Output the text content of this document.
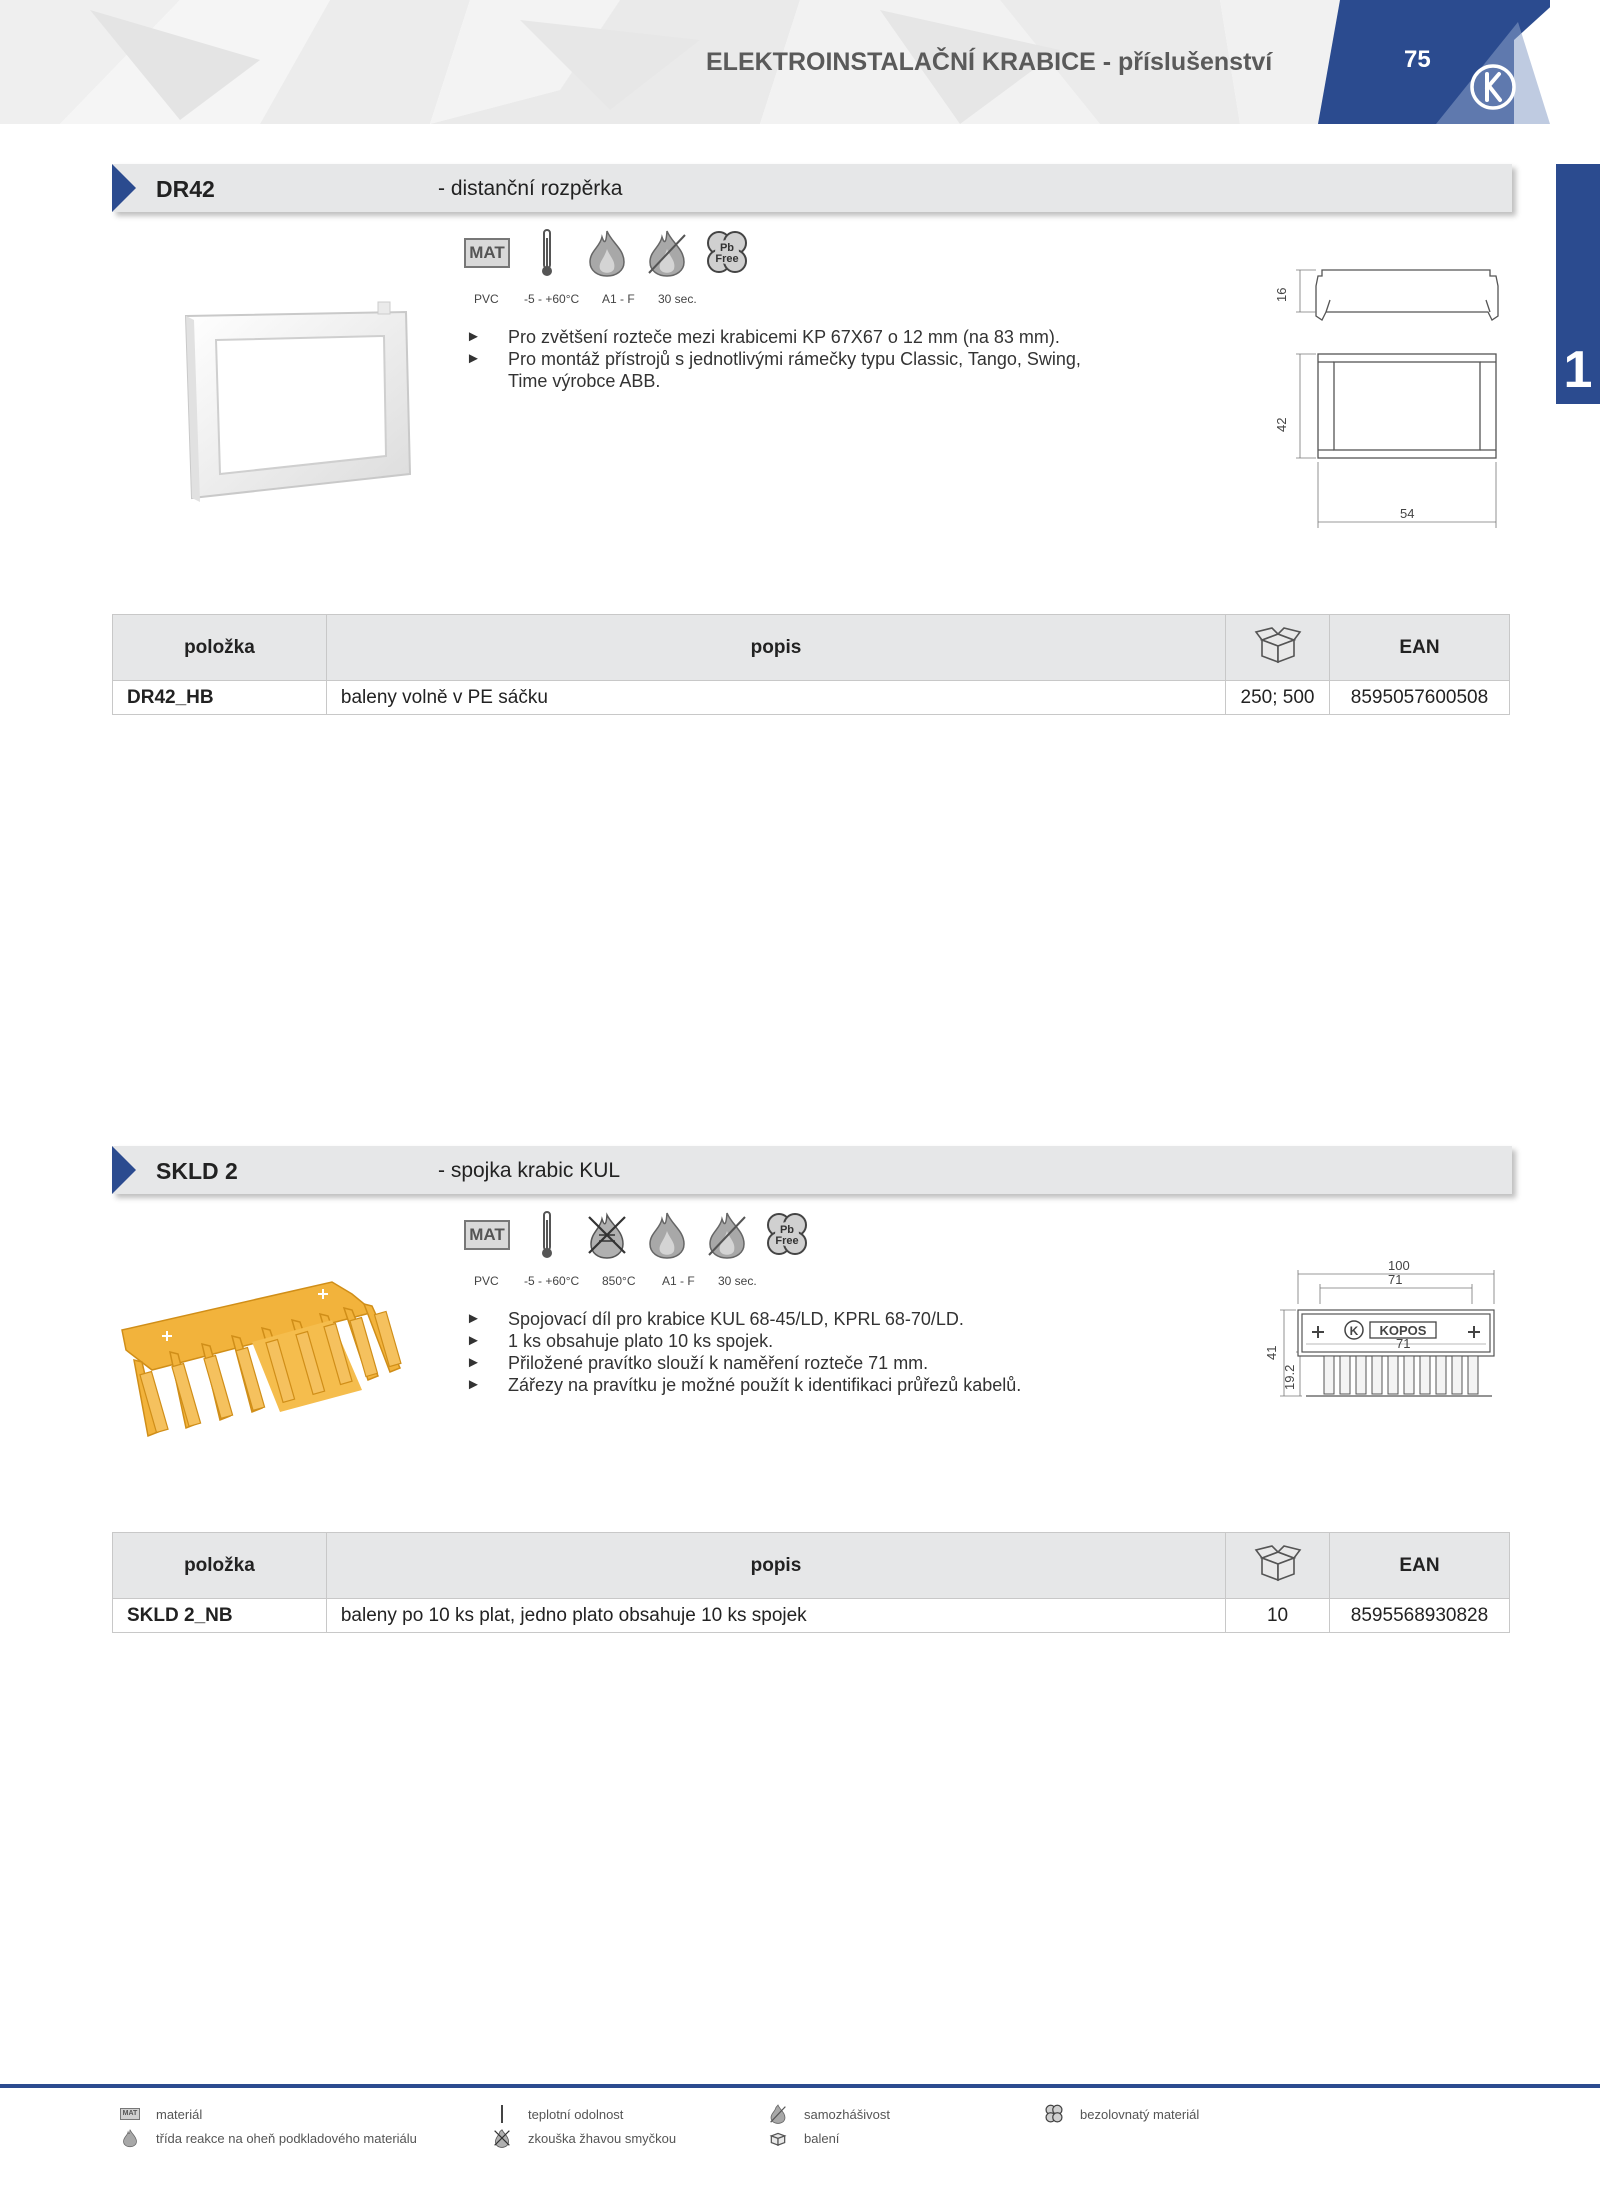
ELEKTROINSTALAČNÍ KRABICE - příslušenství	75
1
DR42	- distanční rozpěrka
MAT	Pb
Free
PVC -5 - +60°C A1 - F 30 sec.
►	Pro zvětšení rozteče mezi krabicemi KP 67X67 o 12 mm (na 83 mm).
►	Pro montáž přístrojů s jednotlivými rámečky typu Classic, Tango, Swing,
Time výrobce ABB.
16
42
54
položka	popis		EAN
DR42_HB	baleny volně v PE sáčku	250; 500	8595057600508
SKLD 2	- spojka krabic KUL
MAT	Pb
Free
PVC -5 - +60°C 850°C A1 - F 30 sec.
►	Spojovací díl pro krabice KUL 68-45/LD, KPRL 68-70/LD.
►	1 ks obsahuje plato 10 ks spojek.
►	Přiložené pravítko slouží k naměření rozteče 71 mm.
►	Zářezy na pravítku je možné použít k identifikaci průřezů kabelů.
K KOPOS
100
71
71
41
19.2
položka	popis		EAN
SKLD 2_NB	baleny po 10 ks plat, jedno plato obsahuje 10 ks spojek	10	8595568930828
MAT materiál
třída reakce na oheň podkladového materiálu
teplotní odolnost
zkouška žhavou smyčkou
samozhášivost
balení
bezolovnatý materiál
